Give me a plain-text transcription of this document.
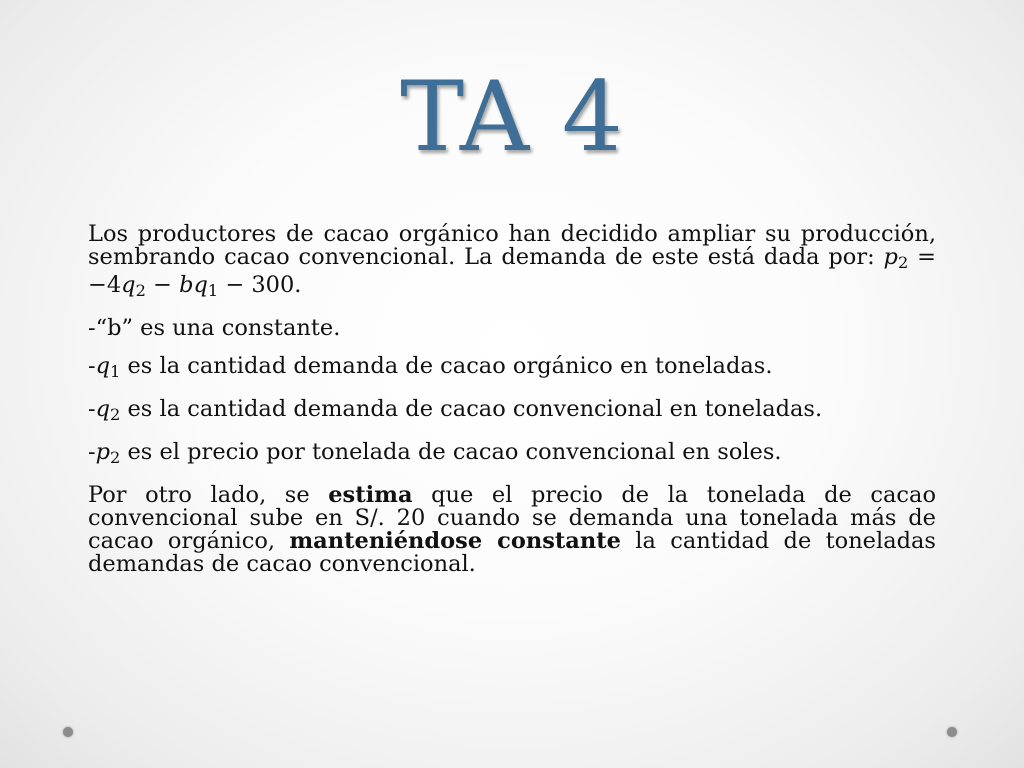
TA 4

Los productores de cacao orgánico han decidido ampliar su producción, sembrando cacao convencional. La demanda de este está dada por: $p_2 = -4q_2 - bq_1 - 300$.

-“b” es una constante.

$-q_1$ es la cantidad demanda de cacao orgánico en toneladas.

$-q_2$ es la cantidad demanda de cacao convencional en toneladas.

$-p_2$ es el precio por tonelada de cacao convencional en soles.

Por otro lado, se estima que el precio de la tonelada de cacao convencional sube en S/. 20 cuando se demanda una tonelada más de cacao orgánico, manteniéndose constante la cantidad de toneladas demandas de cacao convencional.
